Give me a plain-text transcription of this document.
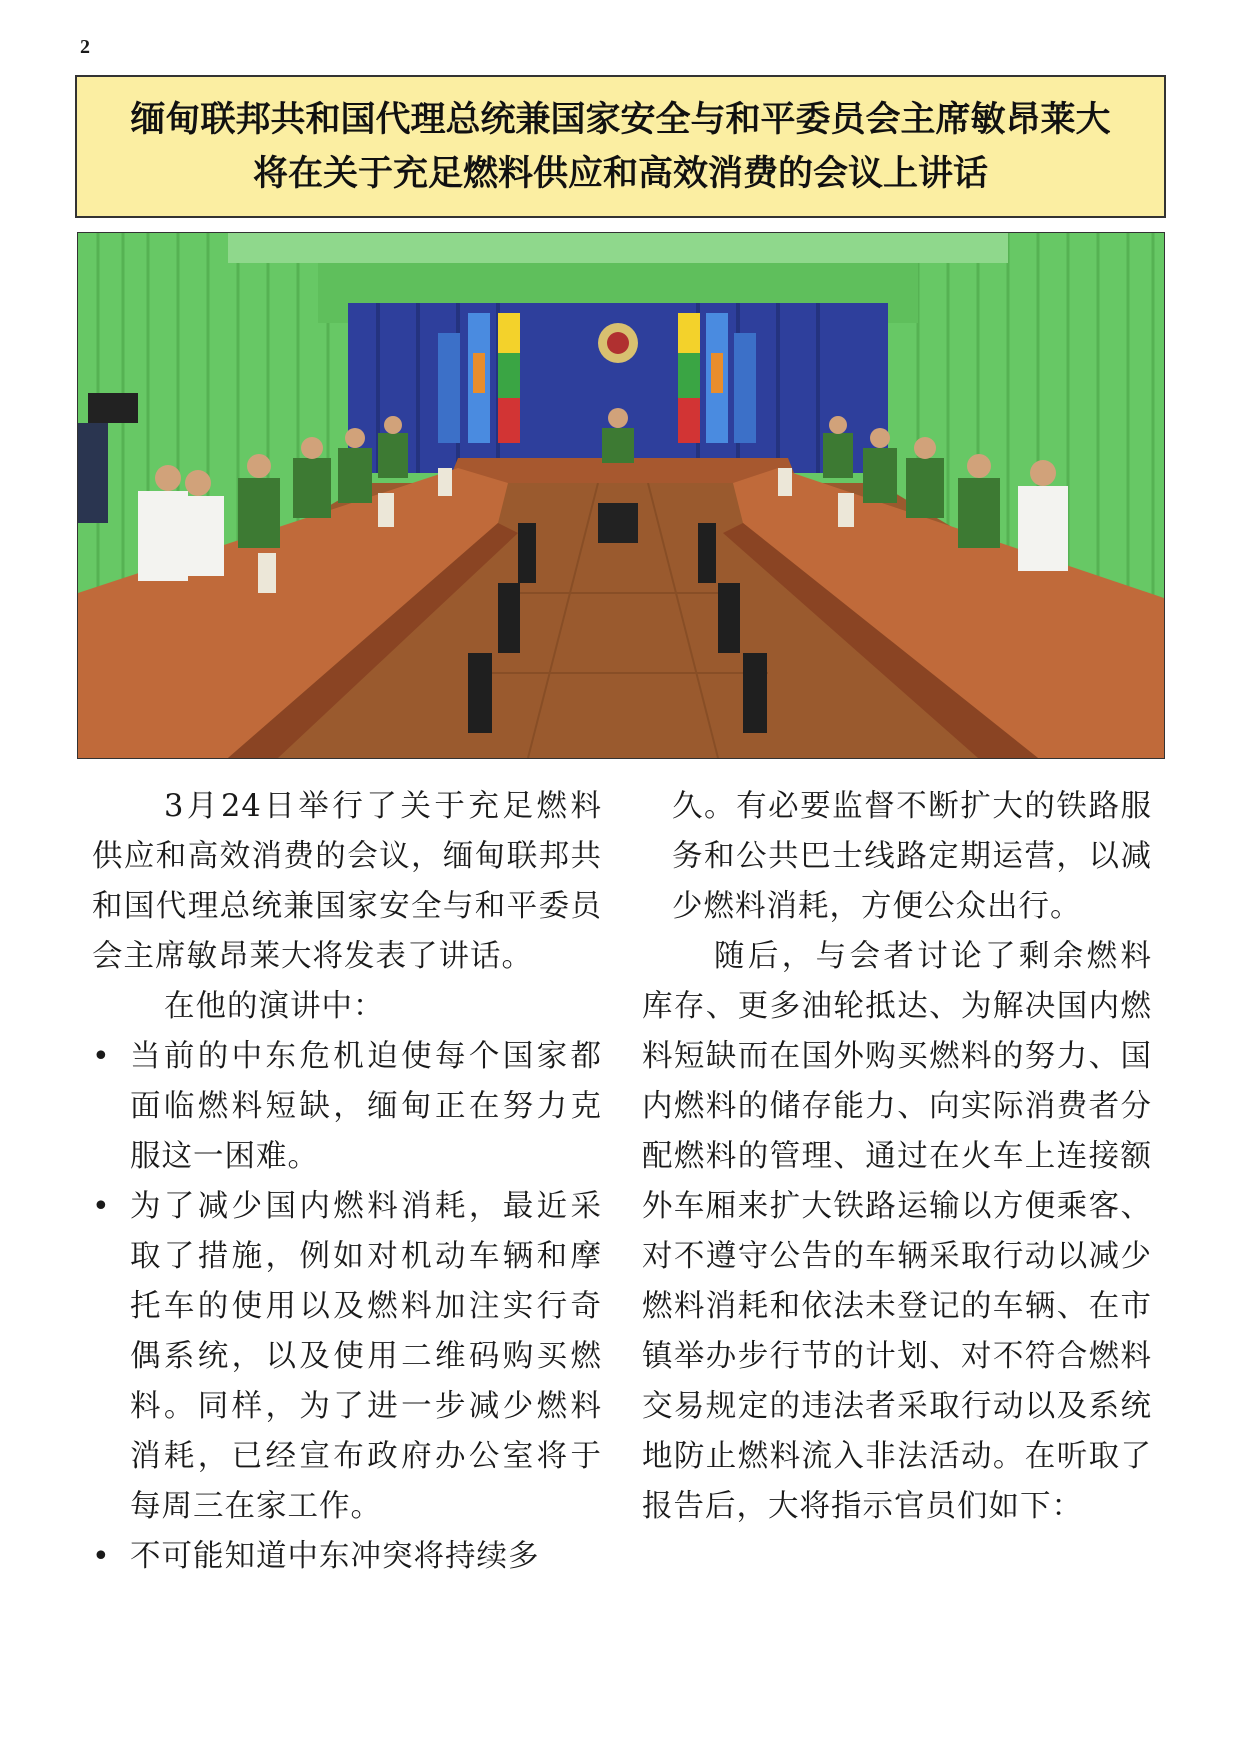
2
缅甸联邦共和国代理总统兼国家安全与和平委员会主席敏昂莱大
将在关于充足燃料供应和高效消费的会议上讲话

3月24日举行了关于充足燃料供应和高效消费的会议，缅甸联邦共和国代理总统兼国家安全与和平委员会主席敏昂莱大将发表了讲话。

在他的演讲中：

• 当前的中东危机迫使每个国家都面临燃料短缺，缅甸正在努力克服这一困难。
• 为了减少国内燃料消耗，最近采取了措施，例如对机动车辆和摩托车的使用以及燃料加注实行奇偶系统，以及使用二维码购买燃料。同样，为了进一步减少燃料消耗，已经宣布政府办公室将于每周三在家工作。
• 不可能知道中东冲突将持续多

久。有必要监督不断扩大的铁路服务和公共巴士线路定期运营，以减少燃料消耗，方便公众出行。

随后，与会者讨论了剩余燃料库存、更多油轮抵达、为解决国内燃料短缺而在国外购买燃料的努力、国内燃料的储存能力、向实际消费者分配燃料的管理、通过在火车上连接额外车厢来扩大铁路运输以方便乘客、对不遵守公告的车辆采取行动以减少燃料消耗和依法未登记的车辆、在市镇举办步行节的计划、对不符合燃料交易规定的违法者采取行动以及系统地防止燃料流入非法活动。在听取了报告后，大将指示官员们如下：
